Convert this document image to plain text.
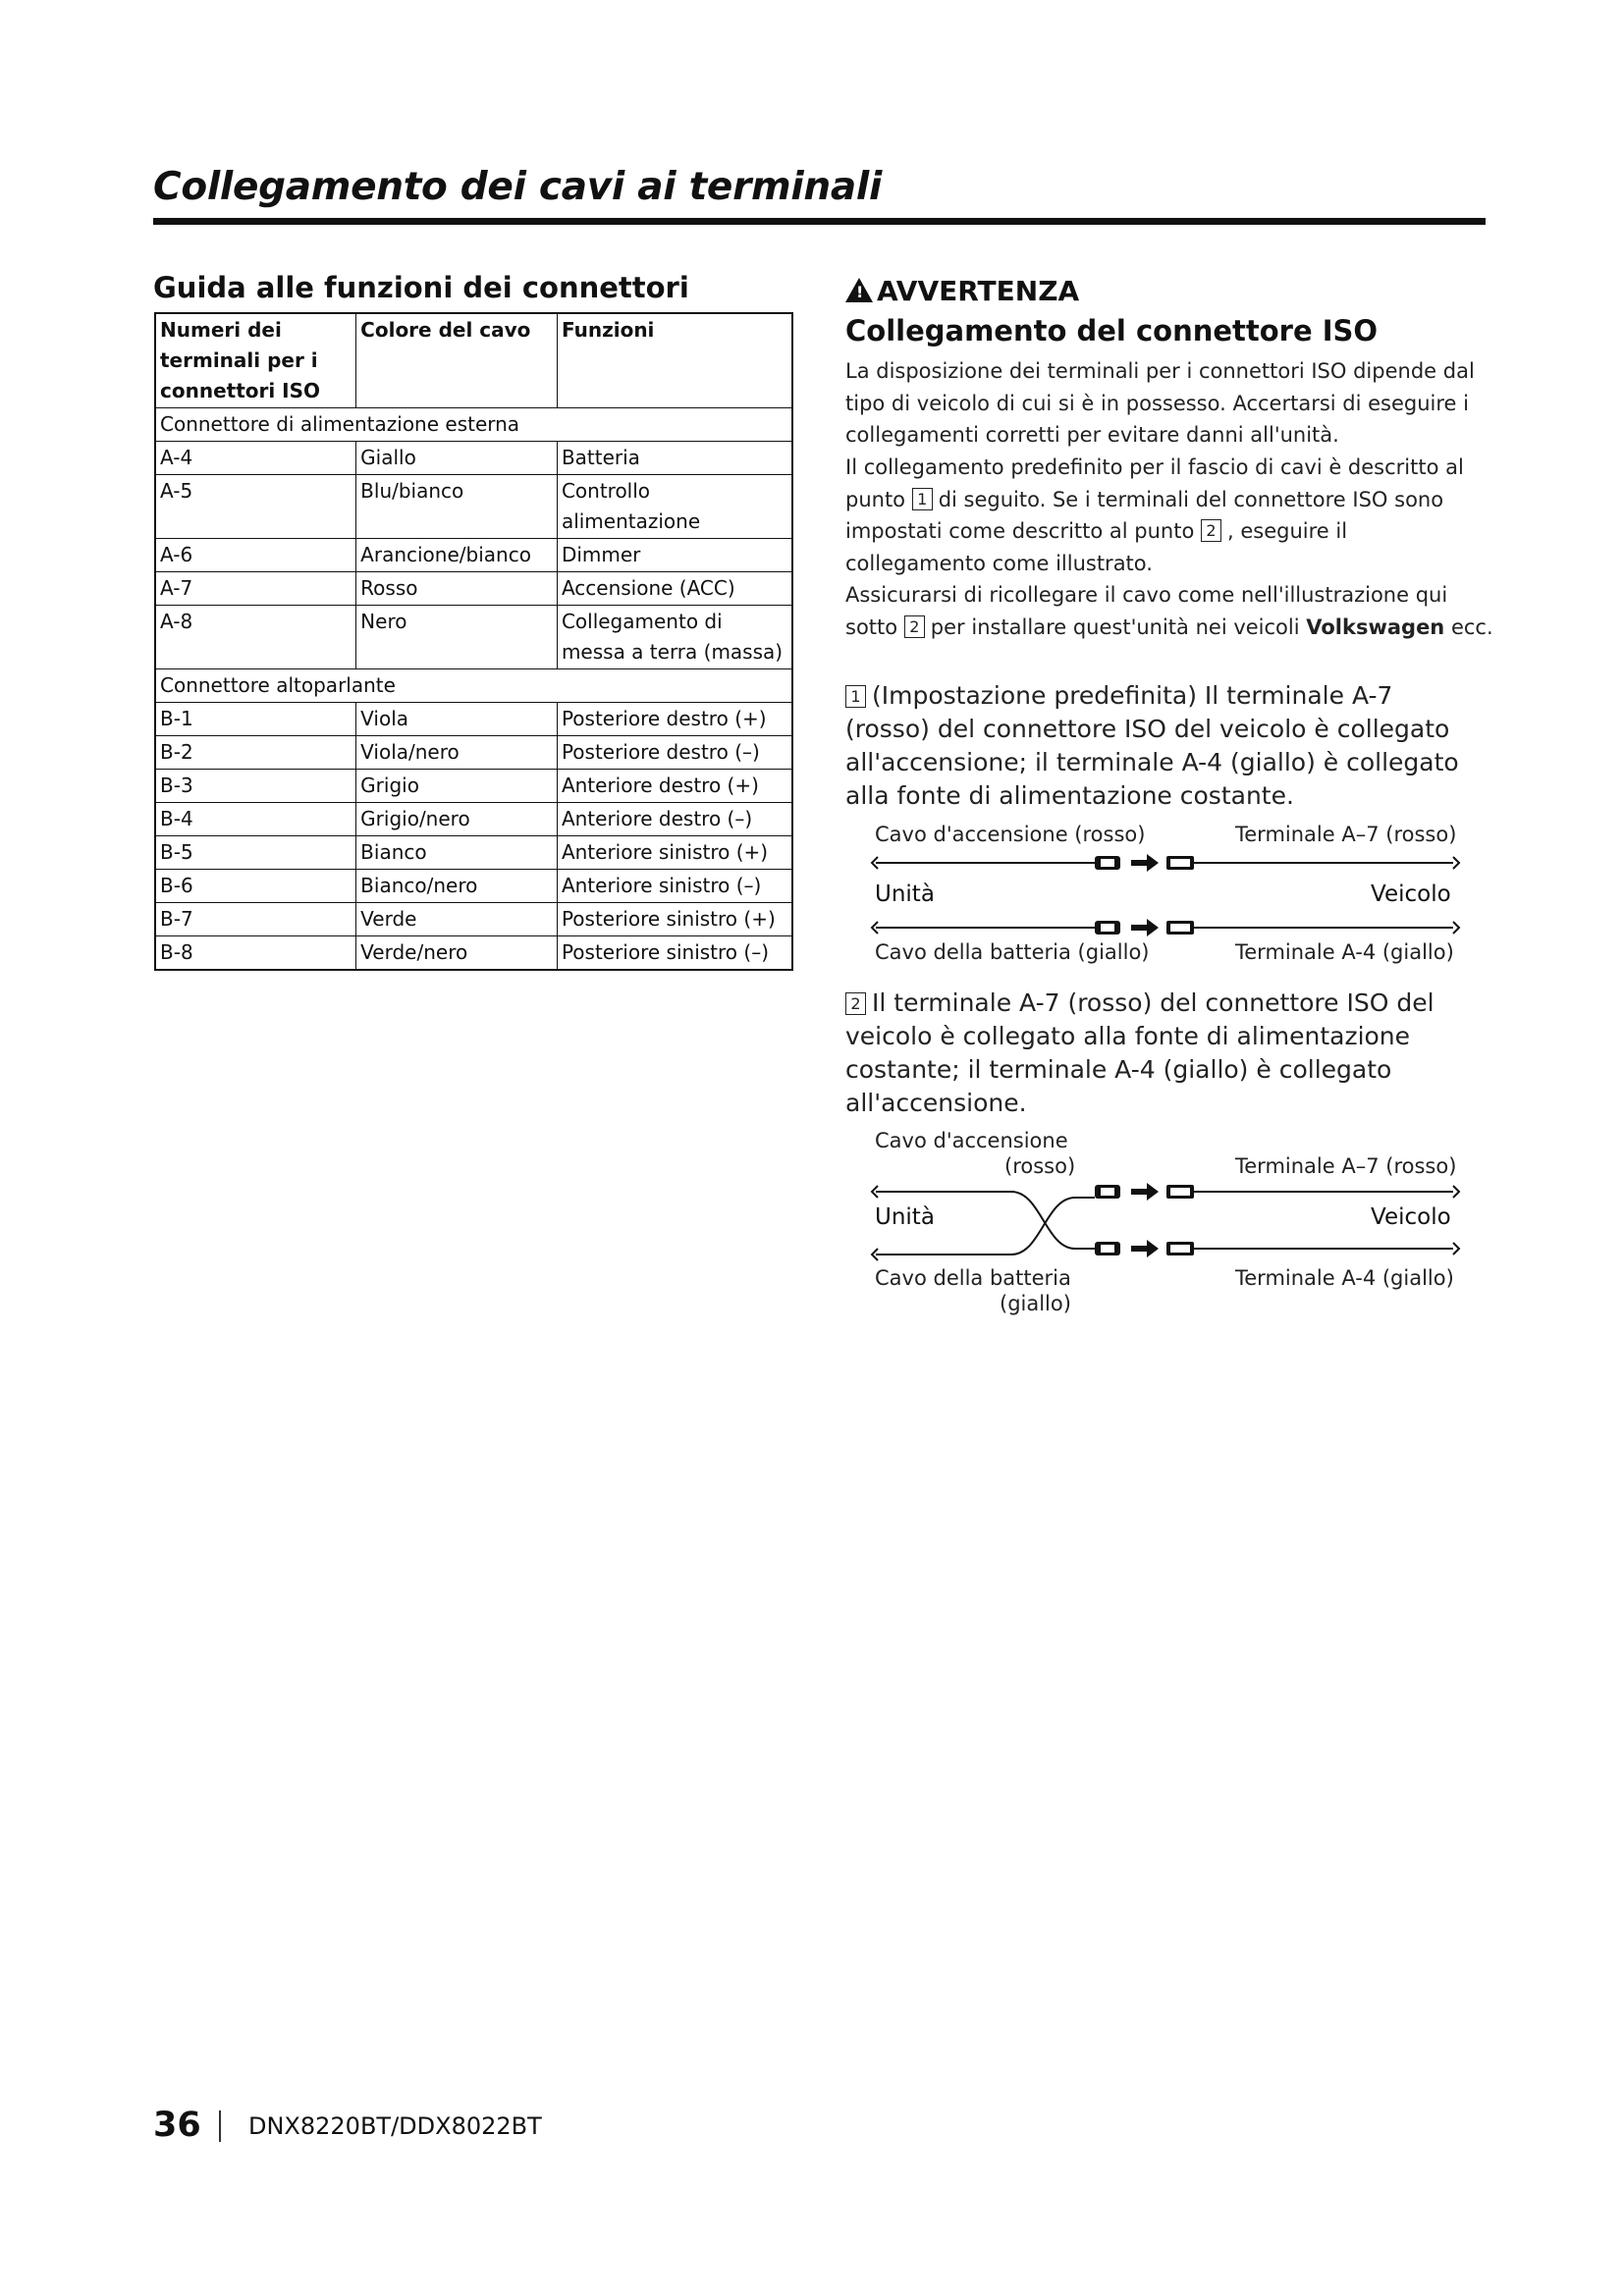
Collegamento dei cavi ai terminali
Guida alle funzioni dei connettori
Numeri dei terminali per i connettori ISO	Colore del cavo	Funzioni
Connettore di alimentazione esterna		
A-4	Giallo	Batteria
A-5	Blu/bianco	Controllo alimentazione
A-6	Arancione/bianco	Dimmer
A-7	Rosso	Accensione (ACC)
A-8	Nero	Collegamento di messa a terra (massa)
Connettore altoparlante		
B-1	Viola	Posteriore destro (+)
B-2	Viola/nero	Posteriore destro (–)
B-3	Grigio	Anteriore destro (+)
B-4	Grigio/nero	Anteriore destro (–)
B-5	Bianco	Anteriore sinistro (+)
B-6	Bianco/nero	Anteriore sinistro (–)
B-7	Verde	Posteriore sinistro (+)
B-8	Verde/nero	Posteriore sinistro (–)
!AVVERTENZA
Collegamento del connettore ISO
La disposizione dei terminali per i connettori ISO dipende dal tipo di veicolo di cui si è in possesso. Accertarsi di eseguire i collegamenti corretti per evitare danni all'unità.
Il collegamento predefinito per il fascio di cavi è descritto al punto 1 di seguito. Se i terminali del connettore ISO sono impostati come descritto al punto 2 , eseguire il collegamento come illustrato.
Assicurarsi di ricollegare il cavo come nell'illustrazione qui sotto 2 per installare quest'unità nei veicoli Volkswagen ecc.
1 (Impostazione predefinita) Il terminale A-7 (rosso) del connettore ISO del veicolo è collegato all'accensione; il terminale A-4 (giallo) è collegato alla fonte di alimentazione costante.
Cavo d'accensione (rosso)	Terminale A–7 (rosso)
Unità	Veicolo
Cavo della batteria (giallo)	Terminale A-4 (giallo)
2 Il terminale A-7 (rosso) del connettore ISO del veicolo è collegato alla fonte di alimentazione costante; il terminale A-4 (giallo) è collegato all'accensione.
Cavo d'accensione
(rosso)	Terminale A–7 (rosso)
Unità	Veicolo
Cavo della batteria
(giallo)
Terminale A-4 (giallo)
36 DNX8220BT/DDX8022BT
